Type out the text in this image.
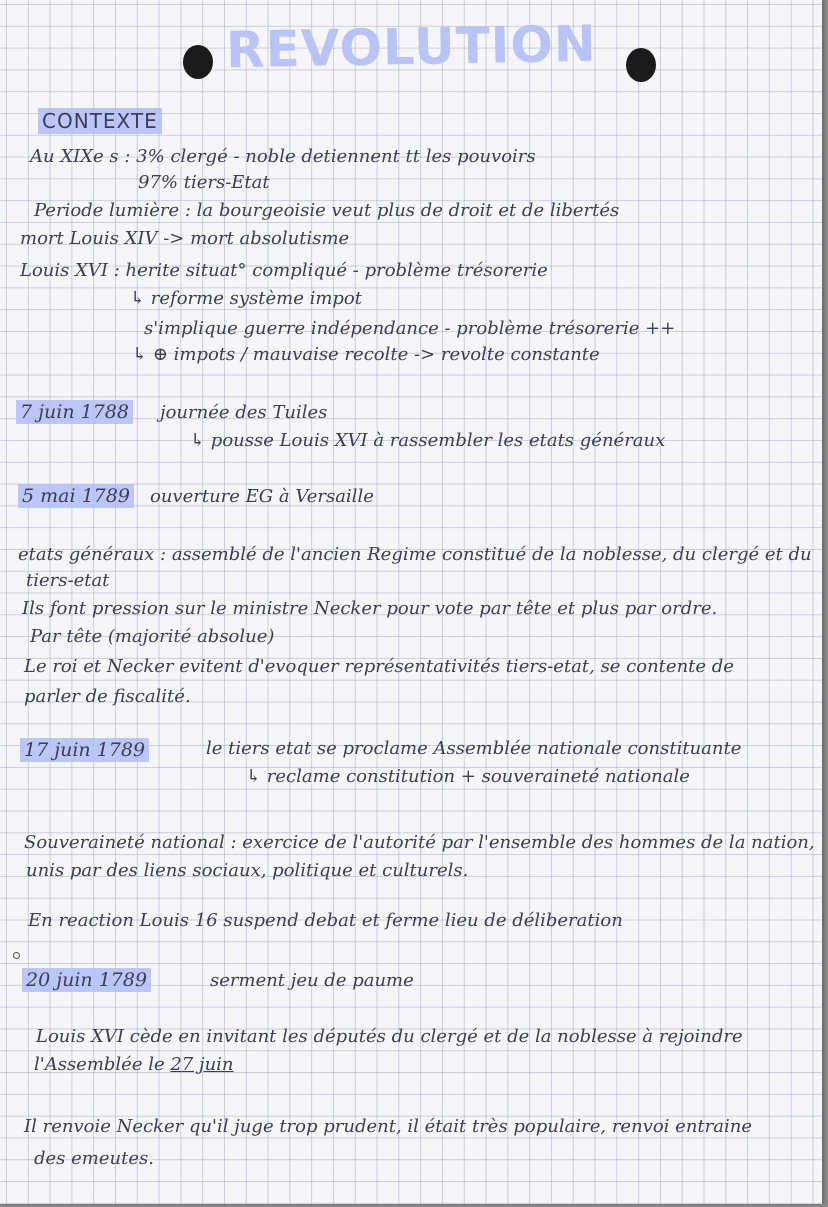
REVOLUTION
CONTEXTE
Au XIXe s : 3% clergé - noble detiennent tt les pouvoirs
97% tiers-Etat
Periode lumière : la bourgeoisie veut plus de droit et de libertés
mort Louis XIV -> mort absolutisme
Louis XVI : herite situat° compliqué - problème trésorerie
↳ reforme système impot
s'implique guerre indépendance - problème trésorerie ++
↳ ⊕ impots / mauvaise recolte -> revolte constante
7 juin 1788 journée des Tuiles
↳ pousse Louis XVI à rassembler les etats généraux
5 mai 1789 ouverture EG à Versaille
etats généraux : assemblé de l'ancien Regime constitué de la noblesse, du clergé et du
tiers-etat
Ils font pression sur le ministre Necker pour vote par tête et plus par ordre.
Par tête (majorité absolue)
Le roi et Necker evitent d'evoquer représentativités tiers-etat, se contente de
parler de fiscalité.
17 juin 1789	le tiers etat se proclame Assemblée nationale constituante
↳ reclame constitution + souveraineté nationale
Souveraineté national : exercice de l'autorité par l'ensemble des hommes de la nation,
unis par des liens sociaux, politique et culturels.
En reaction Louis 16 suspend debat et ferme lieu de déliberation
20 juin 1789	serment jeu de paume
Louis XVI cède en invitant les députés du clergé et de la noblesse à rejoindre
l'Assemblée le 27 juin
Il renvoie Necker qu'il juge trop prudent, il était très populaire, renvoi entraine
des emeutes.
